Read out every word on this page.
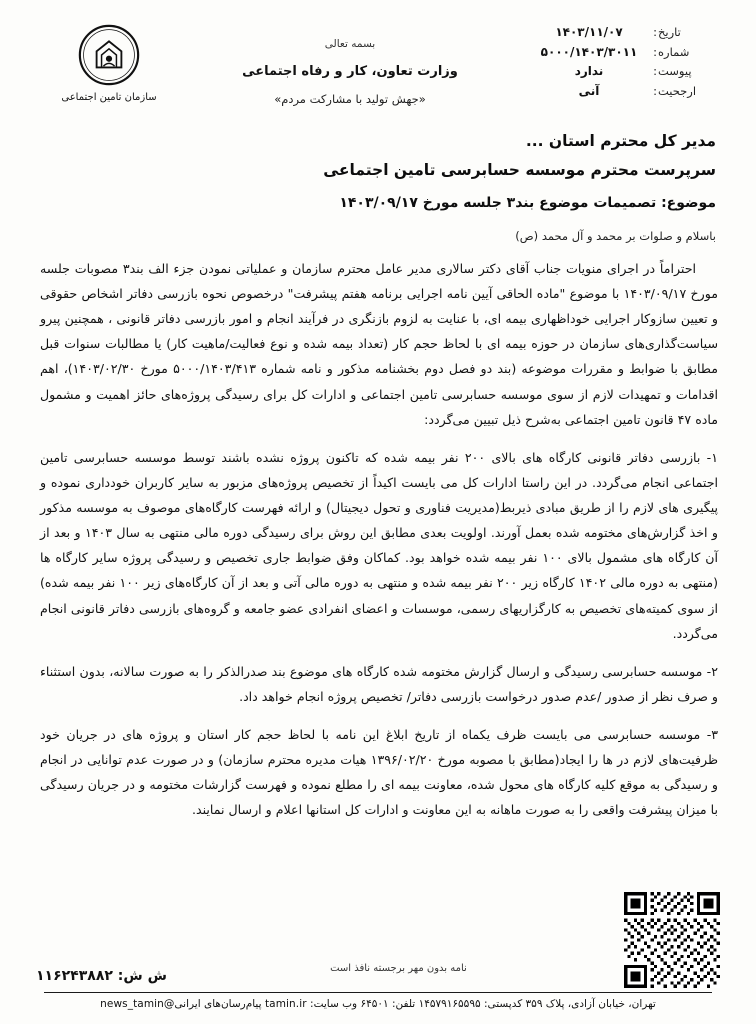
تاریخ
:
۱۴۰۳/۱۱/۰۷
شماره
:
۵۰۰۰/۱۴۰۳/۳۰۱۱
پیوست
:
ندارد
ارجحیت
:
آنی
بسمه تعالی
وزارت تعاون، کار و رفاه اجتماعی
«جهش تولید با مشارکت مردم»
سازمان تامین اجتماعی
مدیر کل محترم استان ...
سرپرست محترم موسسه حسابرسی تامین اجتماعی
موضوع: تصمیمات موضوع بند۳ جلسه مورخ ۱۴۰۳/۰۹/۱۷
باسلام و صلوات بر محمد و آل محمد (ص)

احتراماً در اجرای منویات جناب آقای دکتر سالاری مدیر عامل محترم سازمان و عملیاتی نمودن جزء الف بند۳ مصوبات جلسه مورخ ۱۴۰۳/۰۹/۱۷ با موضوع "ماده الحاقی آیین نامه اجرایی برنامه هفتم پیشرفت" درخصوص نحوه بازرسی دفاتر اشخاص حقوقی و تعیین سازوکار اجرایی خوداظهاری بیمه ای، با عنایت به لزوم بازنگری در فرآیند انجام و امور بازرسی دفاتر قانونی ، همچنین پیرو سیاست‌گذاری‌های سازمان در حوزه بیمه ای با لحاظ حجم کار (تعداد بیمه شده و نوع فعالیت/ماهیت کار) یا مطالبات سنوات قبل مطابق با ضوابط و مقررات موضوعه (بند دو فصل دوم بخشنامه مذکور و نامه شماره ۵۰۰۰/۱۴۰۳/۴۱۳ مورخ ۱۴۰۳/۰۲/۳۰)، اهم اقدامات و تمهیدات لازم از سوی موسسه حسابرسی تامین اجتماعی و ادارات کل برای رسیدگی پروژه‌های حائز اهمیت و مشمول ماده ۴۷ قانون تامین اجتماعی به‌شرح ذیل تبیین می‌گردد:

۱- بازرسی دفاتر قانونی کارگاه های بالای ۲۰۰ نفر بیمه شده که تاکنون پروژه نشده باشند توسط موسسه حسابرسی تامین اجتماعی انجام می‌گردد. در این راستا ادارات کل می بایست اکیداً از تخصیص پروژه‌های مزبور به سایر کاربران خودداری نموده و پیگیری های لازم را از طریق مبادی ذیربط(مدیریت فناوری و تحول دیجیتال) و ارائه فهرست کارگاه‌های موصوف به موسسه مذکور و اخذ گزارش‌های مختومه شده بعمل آورند. اولویت بعدی مطابق این روش برای رسیدگی دوره مالی منتهی به سال ۱۴۰۳ و بعد از آن کارگاه های مشمول بالای ۱۰۰ نفر بیمه شده خواهد بود. کماکان وفق ضوابط جاری تخصیص و رسیدگی پروژه سایر کارگاه ها (منتهی به دوره مالی ۱۴۰۲ کارگاه زیر ۲۰۰ نفر بیمه شده و منتهی به دوره مالی آتی و بعد از آن کارگاه‌های زیر ۱۰۰ نفر بیمه شده) از سوی کمیته‌های تخصیص به کارگزاریهای رسمی، موسسات و اعضای انفرادی عضو جامعه و گروه‌های بازرسی دفاتر قانونی انجام می‌گردد.

۲- موسسه حسابرسی رسیدگی و ارسال گزارش مختومه شده کارگاه های موضوع بند صدرالذکر را به صورت سالانه، بدون استثناء و صرف نظر از صدور /عدم صدور درخواست بازرسی دفاتر/ تخصیص پروژه انجام خواهد داد.

۳- موسسه حسابرسی می بایست ظرف یکماه از تاریخ ابلاغ این نامه با لحاظ حجم کار استان و پروژه های در جریان خود ظرفیت‌های لازم در ها را ایجاد(مطابق با مصوبه مورخ ۱۳۹۶/۰۲/۲۰ هیات مدیره محترم سازمان) و در صورت عدم توانایی در انجام و رسیدگی به موقع کلیه کارگاه های محول شده، معاونت بیمه ای را مطلع نموده و فهرست گزارشات مختومه و در جریان رسیدگی با میزان پیشرفت واقعی را به صورت ماهانه به این معاونت و ادارات کل استانها اعلام و ارسال نمایند.

نامه بدون مهر برجسته نافذ است
ش ش: ۱۱۶۲۴۳۸۸۲
تهران، خیابان آزادی، پلاک ۳۵۹ کدپستی: ۱۴۵۷۹۱۶۵۵۹۵ تلفن: ۶۴۵۰۱ وب سایت: tamin.ir پیام‌رسان‌های ایرانی@news_tamin
